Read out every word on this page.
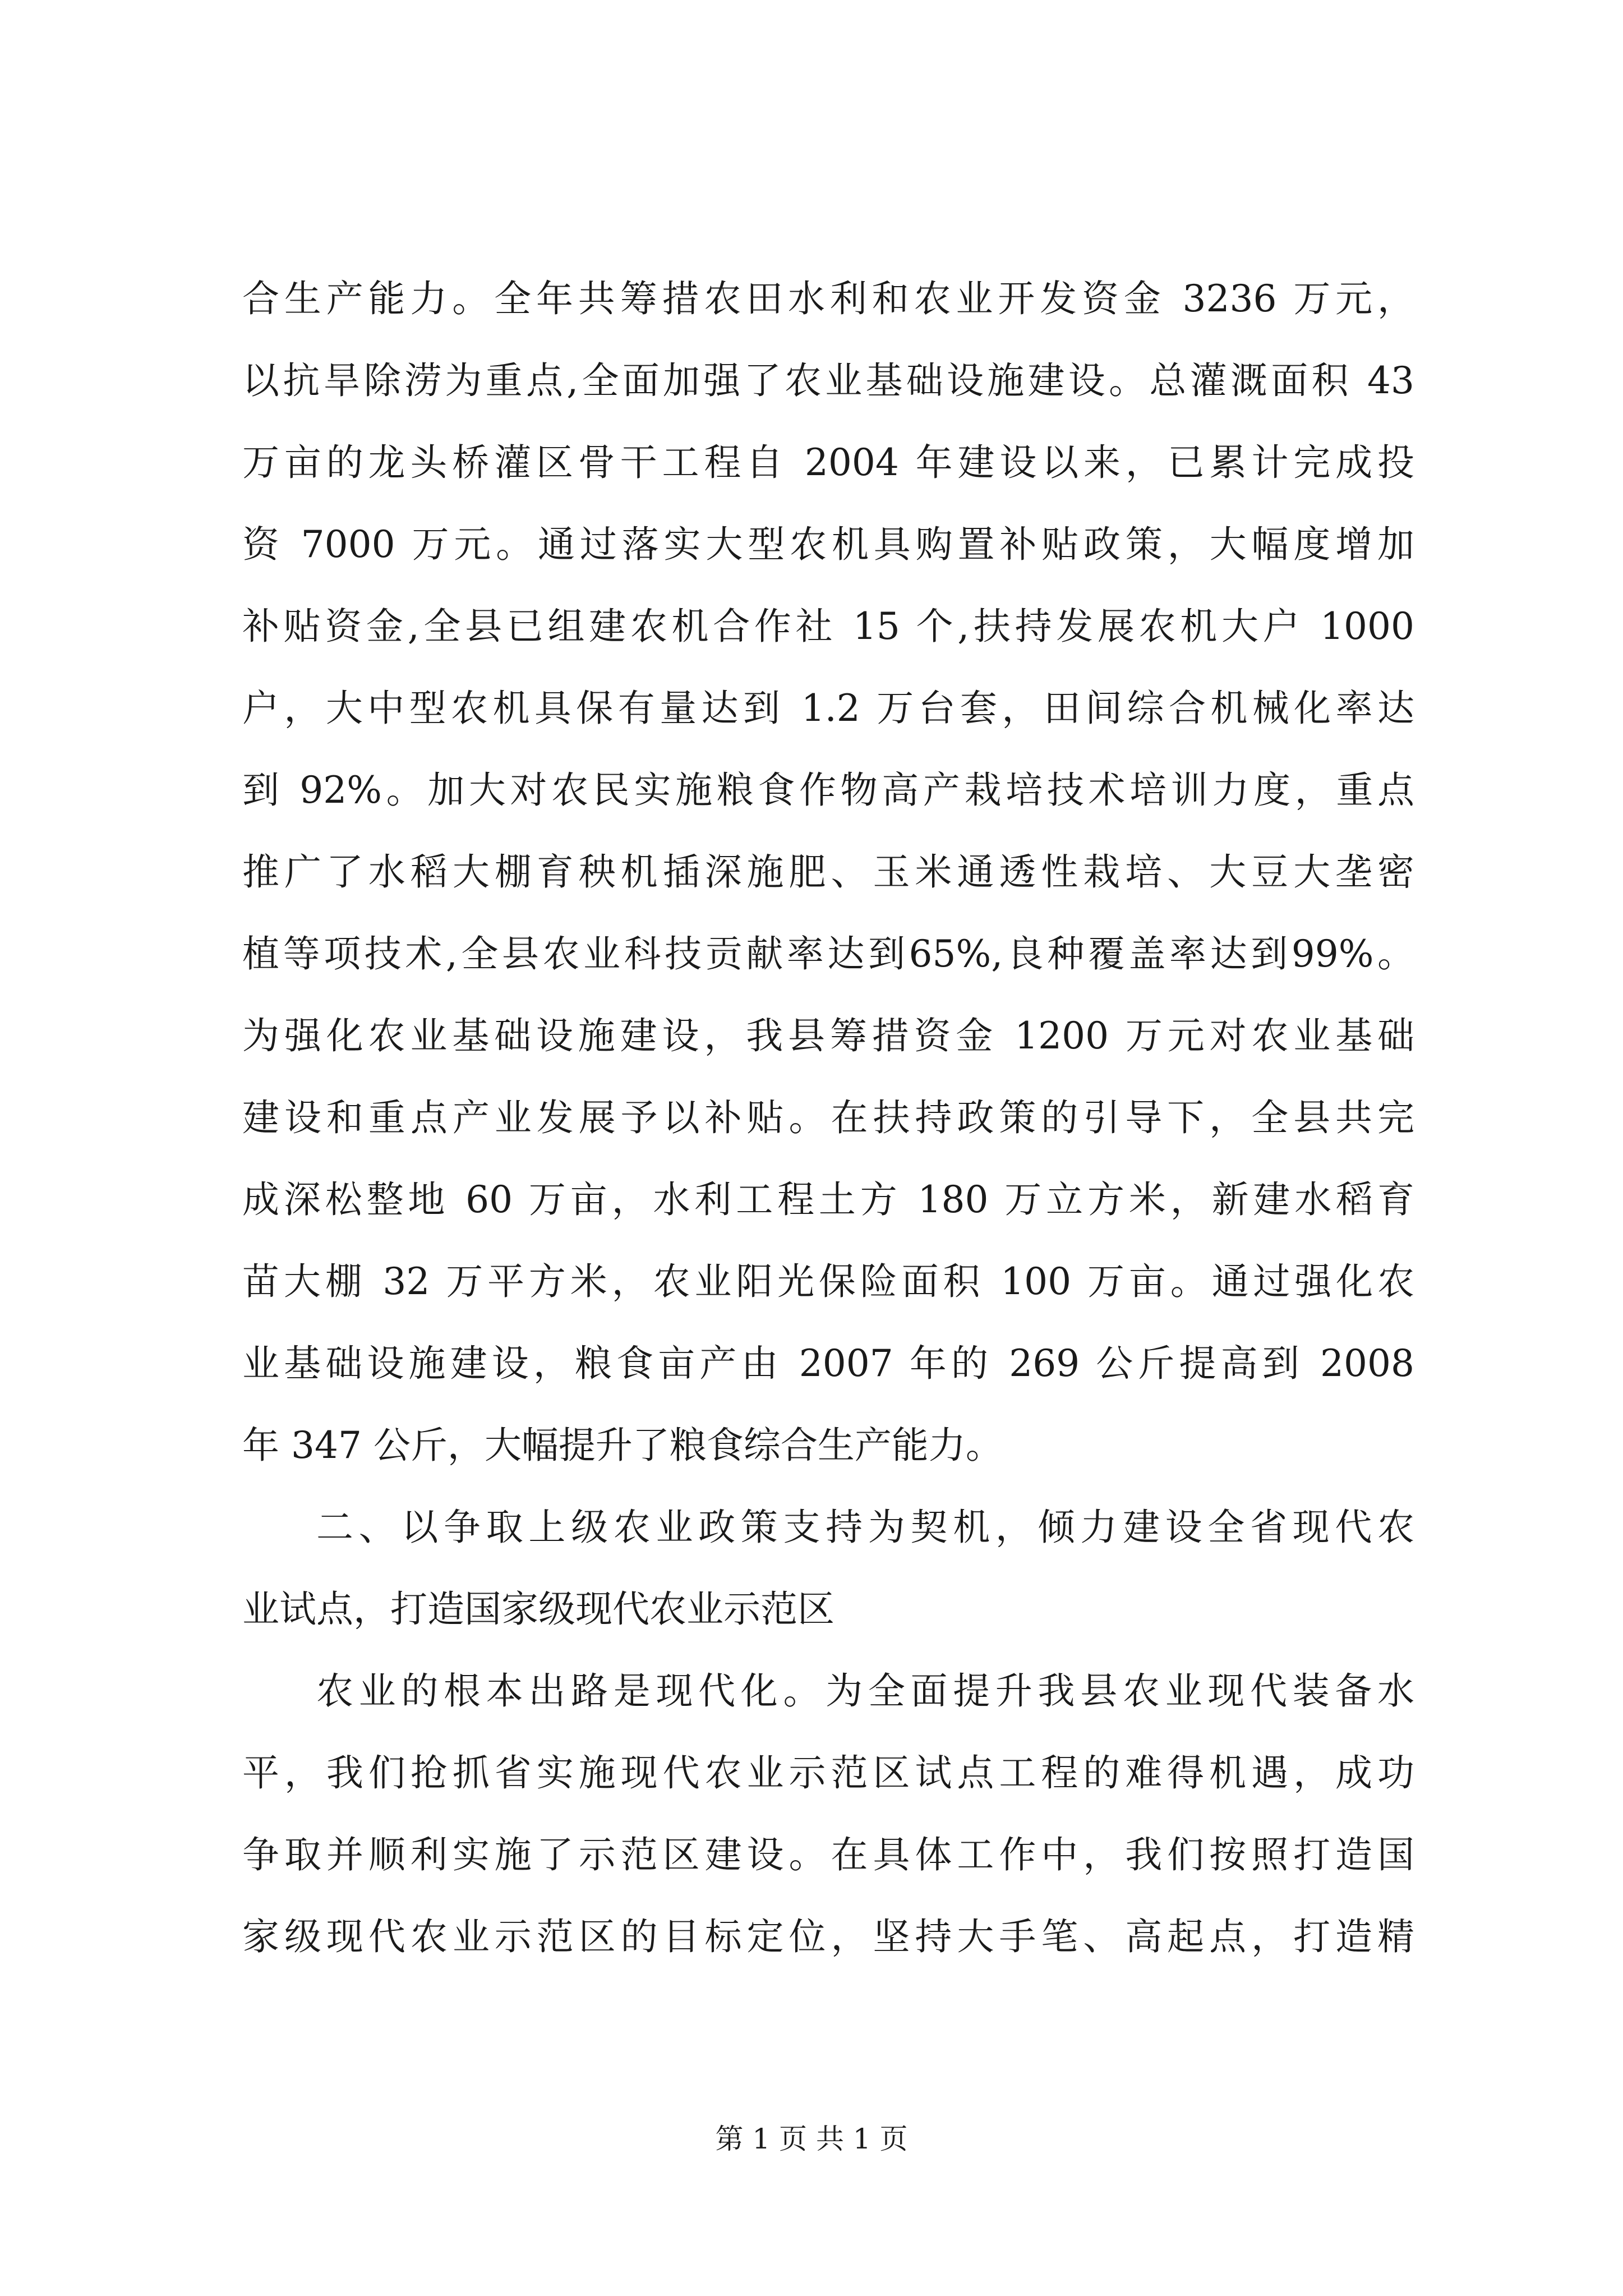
合生产能力。全年共筹措农田水利和农业开发资金 3236 万元，
以抗旱除涝为重点,全面加强了农业基础设施建设。总灌溉面积 43
万亩的龙头桥灌区骨干工程自 2004 年建设以来，已累计完成投
资 7000 万元。通过落实大型农机具购置补贴政策，大幅度增加
补贴资金,全县已组建农机合作社 15 个,扶持发展农机大户 1000
户，大中型农机具保有量达到 1.2 万台套，田间综合机械化率达
到 92%。加大对农民实施粮食作物高产栽培技术培训力度，重点
推广了水稻大棚育秧机插深施肥、玉米通透性栽培、大豆大垄密
植等项技术,全县农业科技贡献率达到65%,良种覆盖率达到99%。
为强化农业基础设施建设，我县筹措资金 1200 万元对农业基础
建设和重点产业发展予以补贴。在扶持政策的引导下，全县共完
成深松整地 60 万亩，水利工程土方 180 万立方米，新建水稻育
苗大棚 32 万平方米，农业阳光保险面积 100 万亩。通过强化农
业基础设施建设，粮食亩产由 2007 年的 269 公斤提高到 2008
年 347 公斤，大幅提升了粮食综合生产能力。
二、以争取上级农业政策支持为契机，倾力建设全省现代农
业试点，打造国家级现代农业示范区
农业的根本出路是现代化。为全面提升我县农业现代装备水
平，我们抢抓省实施现代农业示范区试点工程的难得机遇，成功
争取并顺利实施了示范区建设。在具体工作中，我们按照打造国
家级现代农业示范区的目标定位，坚持大手笔、高起点，打造精
第 1 页 共 1 页
